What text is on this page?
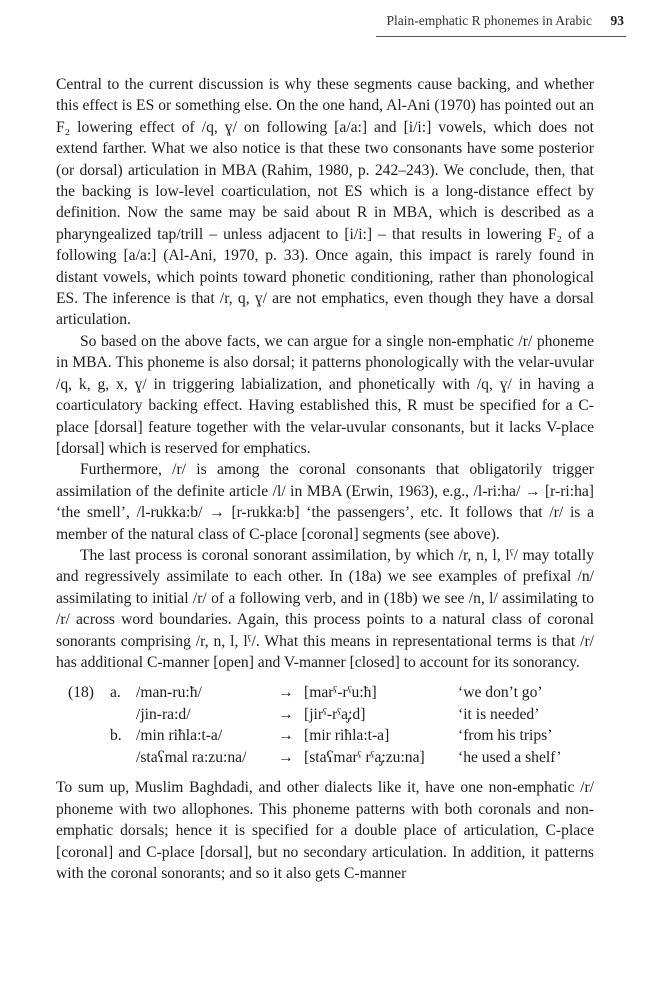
Plain-emphatic R phonemes in Arabic 93

Central to the current discussion is why these segments cause backing, and whether this effect is ES or something else. On the one hand, Al-Ani (1970) has pointed out an F₂ lowering effect of /q, ɣ/ on following [a/a:] and [i/i:] vowels, which does not extend farther. What we also notice is that these two consonants have some posterior (or dorsal) articulation in MBA (Rahim, 1980, p. 242–243). We conclude, then, that the backing is low-level coarticulation, not ES which is a long-distance effect by definition. Now the same may be said about R in MBA, which is described as a pharyngealized tap/trill – unless adjacent to [i/i:] – that results in lowering F₂ of a following [a/a:] (Al-Ani, 1970, p. 33). Once again, this impact is rarely found in distant vowels, which points toward phonetic conditioning, rather than phonological ES. The inference is that /r, q, ɣ/ are not emphatics, even though they have a dorsal articulation.

So based on the above facts, we can argue for a single non-emphatic /r/ phoneme in MBA. This phoneme is also dorsal; it patterns phonologically with the velar-uvular /q, k, g, x, ɣ/ in triggering labialization, and phonetically with /q, ɣ/ in having a coarticulatory backing effect. Having established this, R must be specified for a C-place [dorsal] feature together with the velar-uvular consonants, but it lacks V-place [dorsal] which is reserved for emphatics.

Furthermore, /r/ is among the coronal consonants that obligatorily trigger assimilation of the definite article /l/ in MBA (Erwin, 1963), e.g., /l-ri:ha/ → [r-ri:ha] ‘the smell’, /l-rukka:b/ → [r-rukka:b] ‘the passengers’, etc. It follows that /r/ is a member of the natural class of C-place [coronal] segments (see above).

The last process is coronal sonorant assimilation, by which /r, n, l, lˤ/ may totally and regressively assimilate to each other. In (18a) we see examples of prefixal /n/ assimilating to initial /r/ of a following verb, and in (18b) we see /n, l/ assimilating to /r/ across word boundaries. Again, this process points to a natural class of coronal sonorants comprising /r, n, l, lˤ/. What this means in representational terms is that /r/ has additional C-manner [open] and V-manner [closed] to account for its sonorancy.

(18) a. /man-ru:ħ/	→ [marˤ-rˤu:ħ]	‘we don’t go’
/jin-ra:d/	→ [jirˤ-rˤa̡:d]	‘it is needed’
b. /min riħla:t-a/	→ [mir riħla:t-a]	‘from his trips’
/staʕmal ra:zu:na/ → [staʕmarˤ rˤa̡:zu:na] ‘he used a shelf’

To sum up, Muslim Baghdadi, and other dialects like it, have one non-emphatic /r/ phoneme with two allophones. This phoneme patterns with both coronals and non-emphatic dorsals; hence it is specified for a double place of articulation, C-place [coronal] and C-place [dorsal], but no secondary articulation. In addition, it patterns with the coronal sonorants; and so it also gets C-manner
